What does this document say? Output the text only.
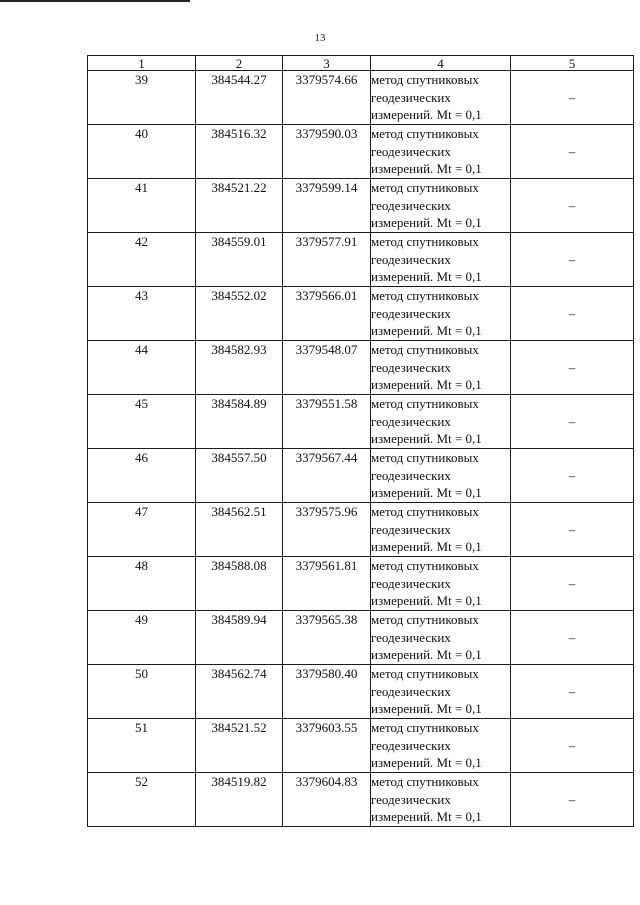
13
1	2	3	4	5
39	384544.27	3379574.66	метод спутниковых
геодезических
измерений. Mt = 0,1	–
40	384516.32	3379590.03	метод спутниковых
геодезических
измерений. Mt = 0,1	–
41	384521.22	3379599.14	метод спутниковых
геодезических
измерений. Mt = 0,1	–
42	384559.01	3379577.91	метод спутниковых
геодезических
измерений. Mt = 0,1	–
43	384552.02	3379566.01	метод спутниковых
геодезических
измерений. Mt = 0,1	–
44	384582.93	3379548.07	метод спутниковых
геодезических
измерений. Mt = 0,1	–
45	384584.89	3379551.58	метод спутниковых
геодезических
измерений. Mt = 0,1	–
46	384557.50	3379567.44	метод спутниковых
геодезических
измерений. Mt = 0,1	–
47	384562.51	3379575.96	метод спутниковых
геодезических
измерений. Mt = 0,1	–
48	384588.08	3379561.81	метод спутниковых
геодезических
измерений. Mt = 0,1	–
49	384589.94	3379565.38	метод спутниковых
геодезических
измерений. Mt = 0,1	–
50	384562.74	3379580.40	метод спутниковых
геодезических
измерений. Mt = 0,1	–
51	384521.52	3379603.55	метод спутниковых
геодезических
измерений. Mt = 0,1	–
52	384519.82	3379604.83	метод спутниковых
геодезических
измерений. Mt = 0,1	–
